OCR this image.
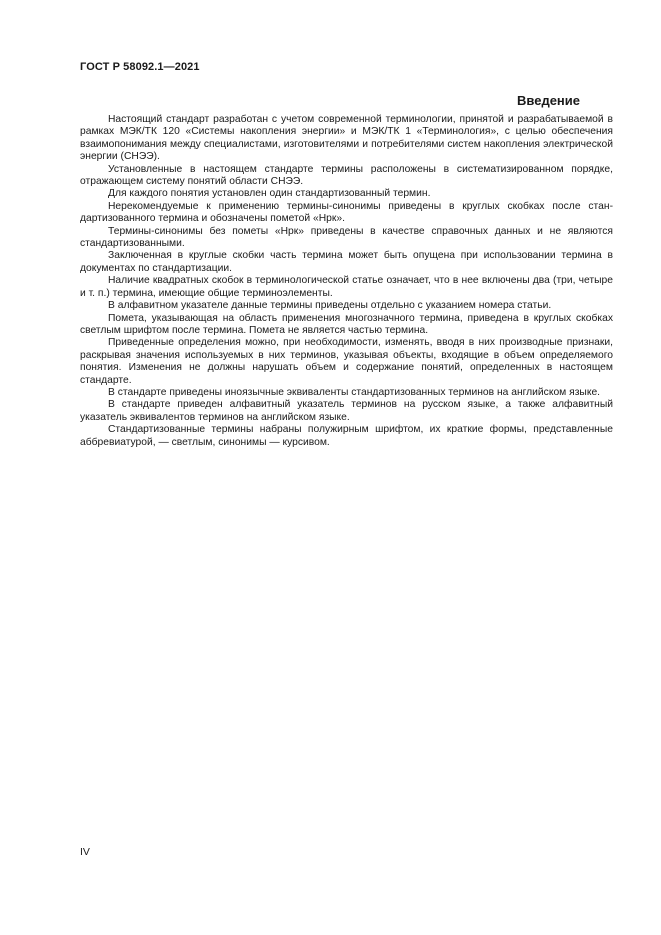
ГОСТ Р 58092.1—2021
Введение

Настоящий стандарт разработан с учетом современной терминологии, принятой и разрабатываемой в рамках МЭК/ТК 120 «Системы накопления энергии» и МЭК/ТК 1 «Терминология», с целью обеспечения взаимопонимания между специалистами, изготовителями и потребителями систем накопления электрической энергии (СНЭЭ).

Установленные в настоящем стандарте термины расположены в систематизированном порядке, отражающем систему понятий области СНЭЭ.

Для каждого понятия установлен один стандартизованный термин.

Нерекомендуемые к применению термины-синонимы приведены в круглых скобках после стандартизованного термина и обозначены пометой «Нрк».

Термины-синонимы без пометы «Нрк» приведены в качестве справочных данных и не являются стандартизованными.

Заключенная в круглые скобки часть термина может быть опущена при использовании термина в документах по стандартизации.

Наличие квадратных скобок в терминологической статье означает, что в нее включены два (три, четыре и т. п.) термина, имеющие общие терминоэлементы.

В алфавитном указателе данные термины приведены отдельно с указанием номера статьи.

Помета, указывающая на область применения многозначного термина, приведена в круглых скобках светлым шрифтом после термина. Помета не является частью термина.

Приведенные определения можно, при необходимости, изменять, вводя в них производные признаки, раскрывая значения используемых в них терминов, указывая объекты, входящие в объем определяемого понятия. Изменения не должны нарушать объем и содержание понятий, определенных в настоящем стандарте.

В стандарте приведены иноязычные эквиваленты стандартизованных терминов на английском языке.

В стандарте приведен алфавитный указатель терминов на русском языке, а также алфавитный указатель эквивалентов терминов на английском языке.

Стандартизованные термины набраны полужирным шрифтом, их краткие формы, представленные аббревиатурой, — светлым, синонимы — курсивом.

IV
